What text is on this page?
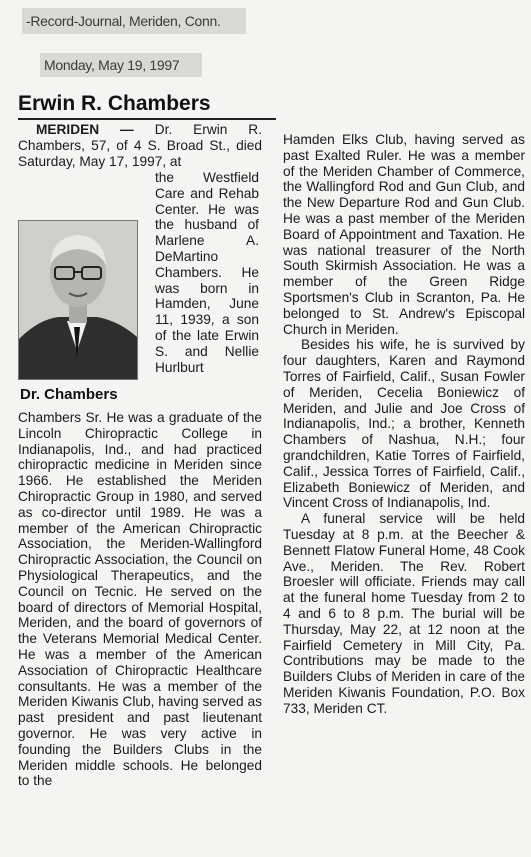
-Record-Journal, Meriden, Conn.
Monday, May 19, 1997
Erwin R. Chambers

MERIDEN — Dr. Erwin R. Chambers, 57, of 4 S. Broad St., died Saturday, May 17, 1997, at

the Westfield Care and Rehab Center. He was the husband of Marlene A. DeMartino Chambers. He was born in Hamden, June 11, 1939, a son of the late Erwin S. and Nellie Hurlburt
Dr. Chambers
Chambers Sr. He was a graduate of the Lincoln Chiropractic College in Indianapolis, Ind., and had practiced chiropractic medicine in Meriden since 1966. He established the Meriden Chiropractic Group in 1980, and served as co-director until 1989. He was a member of the American Chiropractic Association, the Meriden-Wallingford Chiropractic Association, the Council on Physiological Therapeutics, and the Council on Tecnic. He served on the board of directors of Memorial Hospital, Meriden, and the board of governors of the Veterans Memorial Medical Center. He was a member of the American Association of Chiropractic Healthcare consultants. He was a member of the Meriden Kiwanis Club, having served as past president and past lieutenant governor. He was very active in founding the Builders Clubs in the Meriden middle schools. He belonged to the

Hamden Elks Club, having served as past Exalted Ruler. He was a member of the Meriden Chamber of Commerce, the Wallingford Rod and Gun Club, and the New Departure Rod and Gun Club. He was a past member of the Meriden Board of Appointment and Taxation. He was national treasurer of the North South Skirmish Association. He was a member of the Green Ridge Sportsmen's Club in Scranton, Pa. He belonged to St. Andrew's Episcopal Church in Meriden.

Besides his wife, he is survived by four daughters, Karen and Raymond Torres of Fairfield, Calif., Susan Fowler of Meriden, Cecelia Boniewicz of Meriden, and Julie and Joe Cross of Indianapolis, Ind.; a brother, Kenneth Chambers of Nashua, N.H.; four grandchildren, Katie Torres of Fairfield, Calif., Jessica Torres of Fairfield, Calif., Elizabeth Boniewicz of Meriden, and Vincent Cross of Indianapolis, Ind.

A funeral service will be held Tuesday at 8 p.m. at the Beecher & Bennett Flatow Funeral Home, 48 Cook Ave., Meriden. The Rev. Robert Broesler will officiate. Friends may call at the funeral home Tuesday from 2 to 4 and 6 to 8 p.m. The burial will be Thursday, May 22, at 12 noon at the Fairfield Cemetery in Mill City, Pa. Contributions may be made to the Builders Clubs of Meriden in care of the Meriden Kiwanis Foundation, P.O. Box 733, Meriden CT.
